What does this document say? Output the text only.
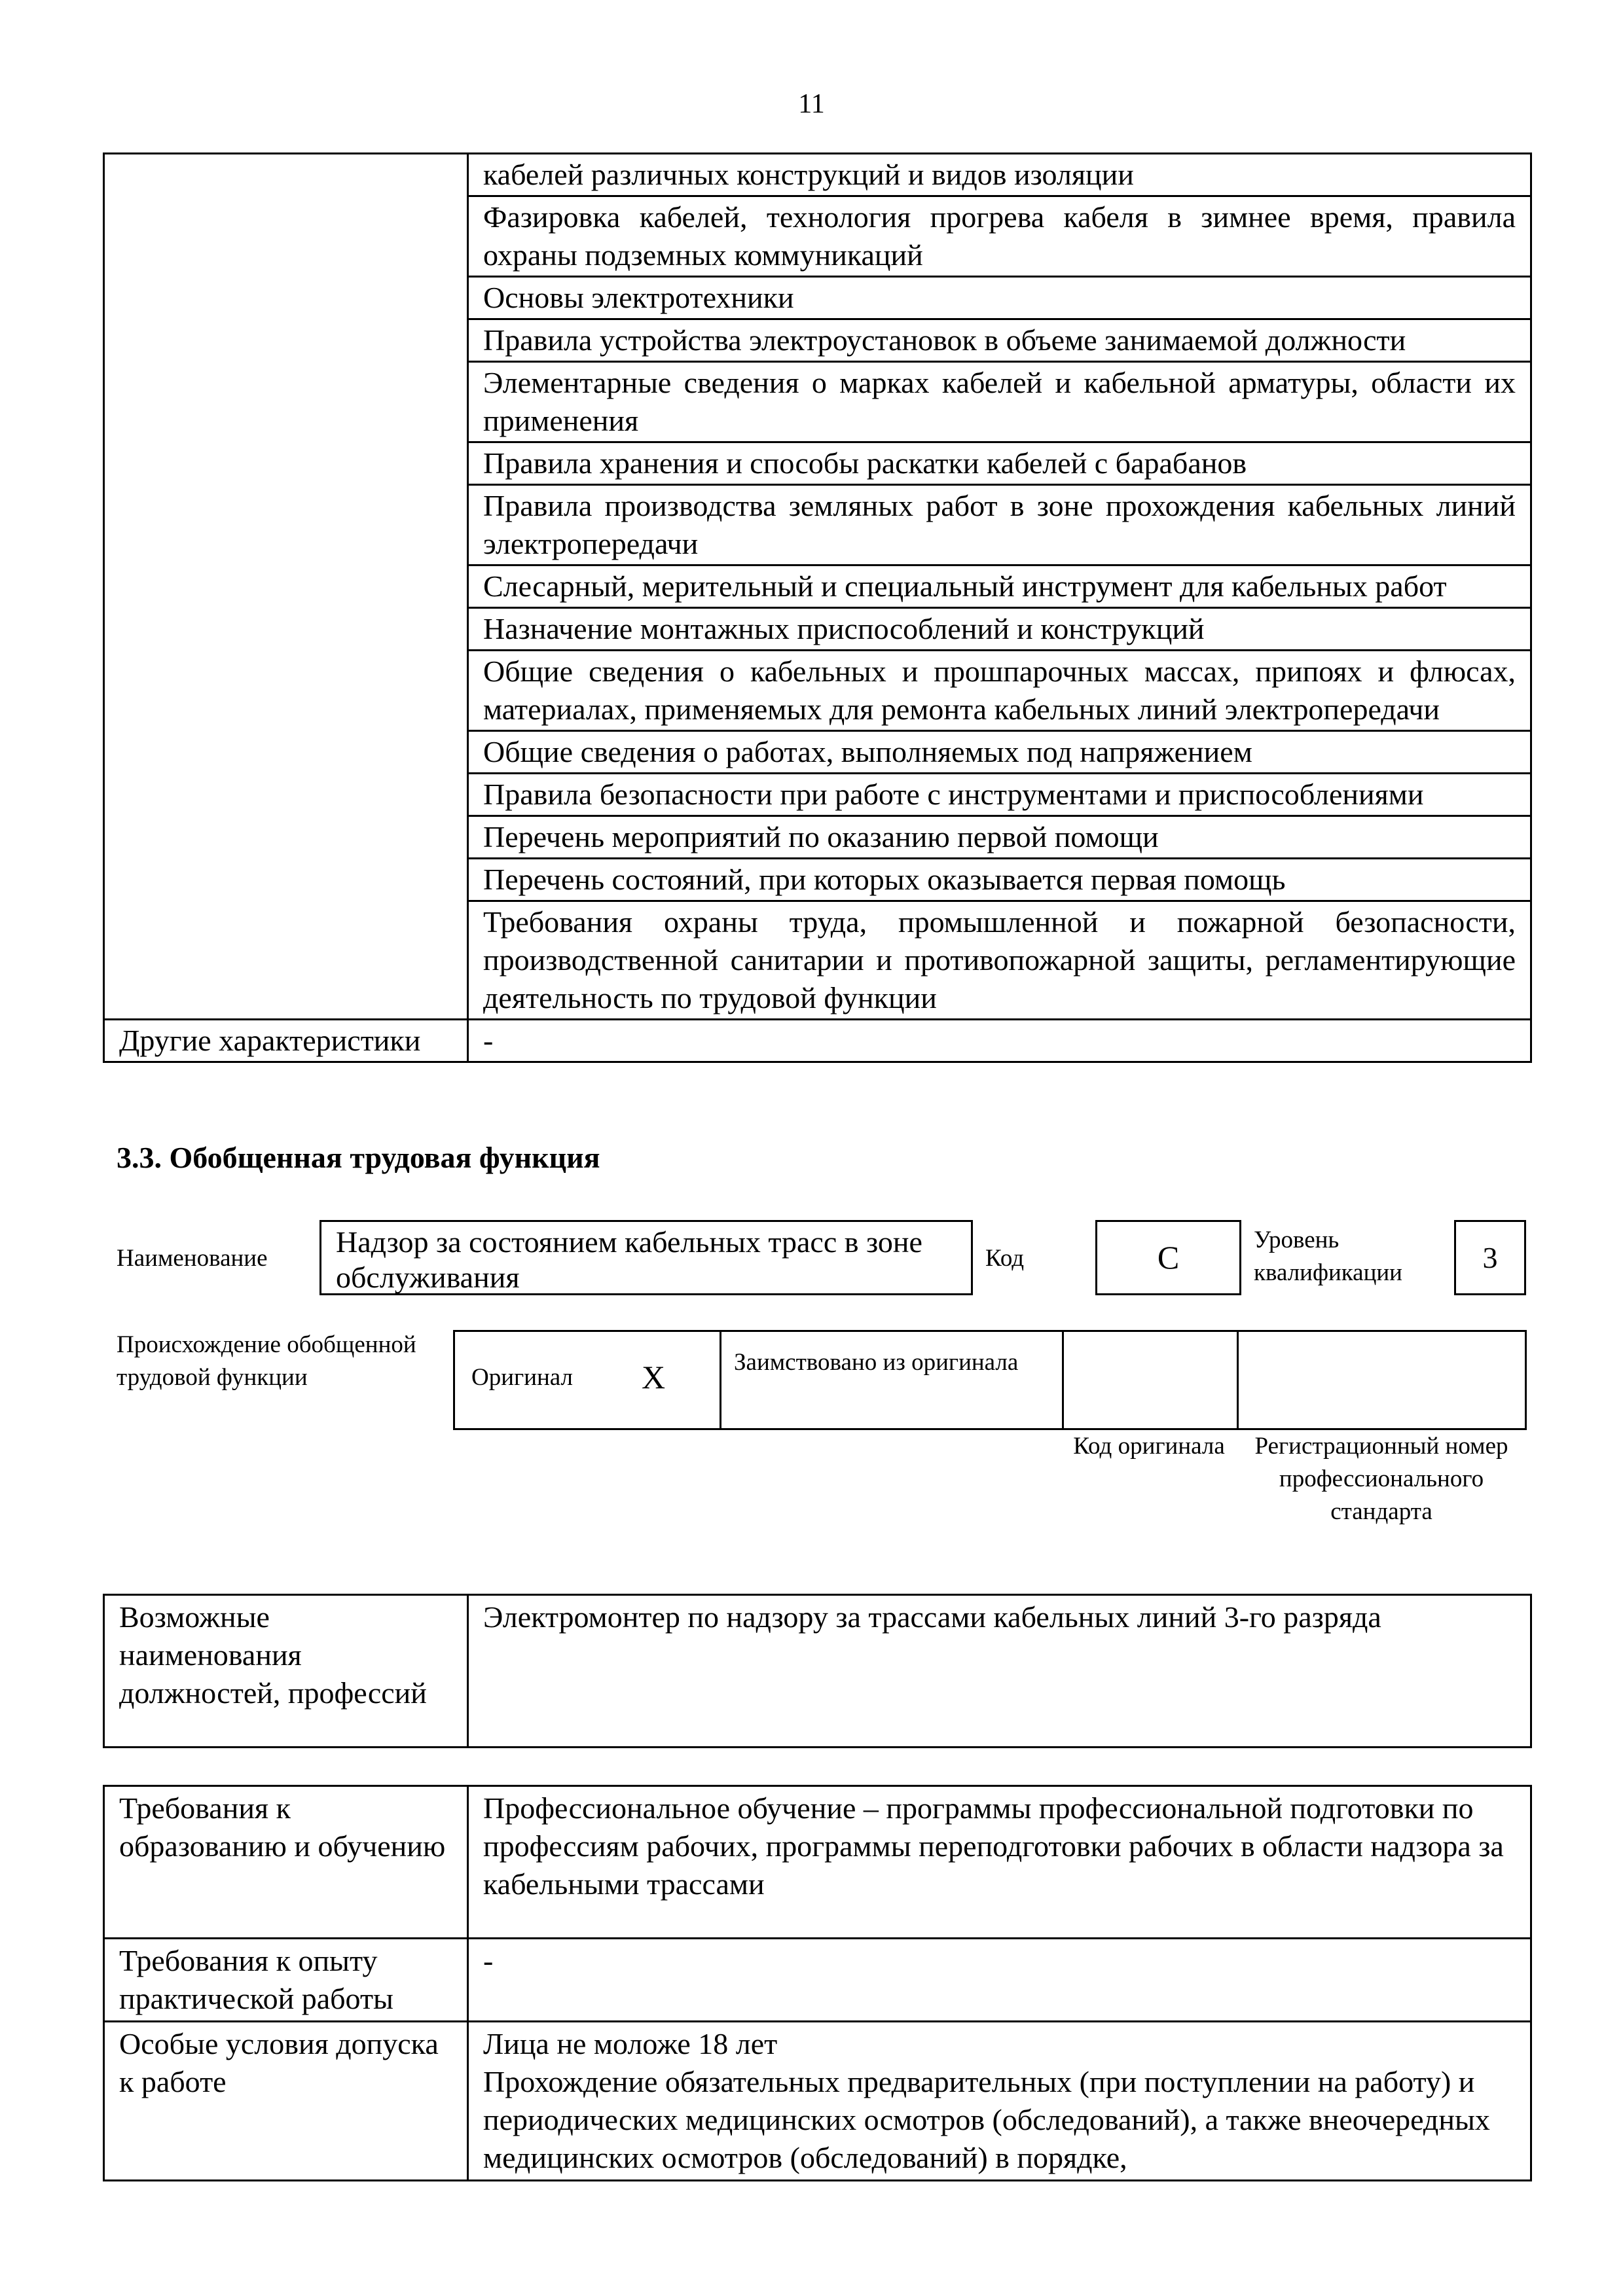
11
	кабелей различных конструкций и видов изоляции
	Фазировка кабелей, технология прогрева кабеля в зимнее время, правила охраны подземных коммуникаций
	Основы электротехники
	Правила устройства электроустановок в объеме занимаемой должности
	Элементарные сведения о марках кабелей и кабельной арматуры, области их применения
	Правила хранения и способы раскатки кабелей с барабанов
	Правила производства земляных работ в зоне прохождения кабельных линий электропередачи
	Слесарный, мерительный и специальный инструмент для кабельных работ
	Назначение монтажных приспособлений и конструкций
	Общие сведения о кабельных и прошпарочных массах, припоях и флюсах, материалах, применяемых для ремонта кабельных линий электропередачи
	Общие сведения о работах, выполняемых под напряжением
	Правила безопасности при работе с инструментами и приспособлениями
	Перечень мероприятий по оказанию первой помощи
	Перечень состояний, при которых оказывается первая помощь
	Требования охраны труда, промышленной и пожарной безопасности, производственной санитарии и противопожарной защиты, регламентирующие деятельность по трудовой функции
Другие характеристики	-
3.3. Обобщенная трудовая функция
Наименование	Надзор за состоянием кабельных трасс в зоне обслуживания
Код	C	Уровень квалификации	3
Происхождение обобщенной трудовой функции	Оригинал X	Заимствовано из оригинала
Код оригинала	Регистрационный номер профессионального стандарта
Возможные наименования должностей, профессий	Электромонтер по надзору за трассами кабельных линий 3-го разряда
Требования к образованию и обучению	Профессиональное обучение – программы профессиональной подготовки по профессиям рабочих, программы переподготовки рабочих в области надзора за кабельными трассами

Требования к опыту практической работы	-

Особые условия допуска к работе	Лица не моложе 18 лет
Прохождение обязательных предварительных (при поступлении на работу) и периодических медицинских осмотров (обследований), а также внеочередных медицинских осмотров (обследований) в порядке,
